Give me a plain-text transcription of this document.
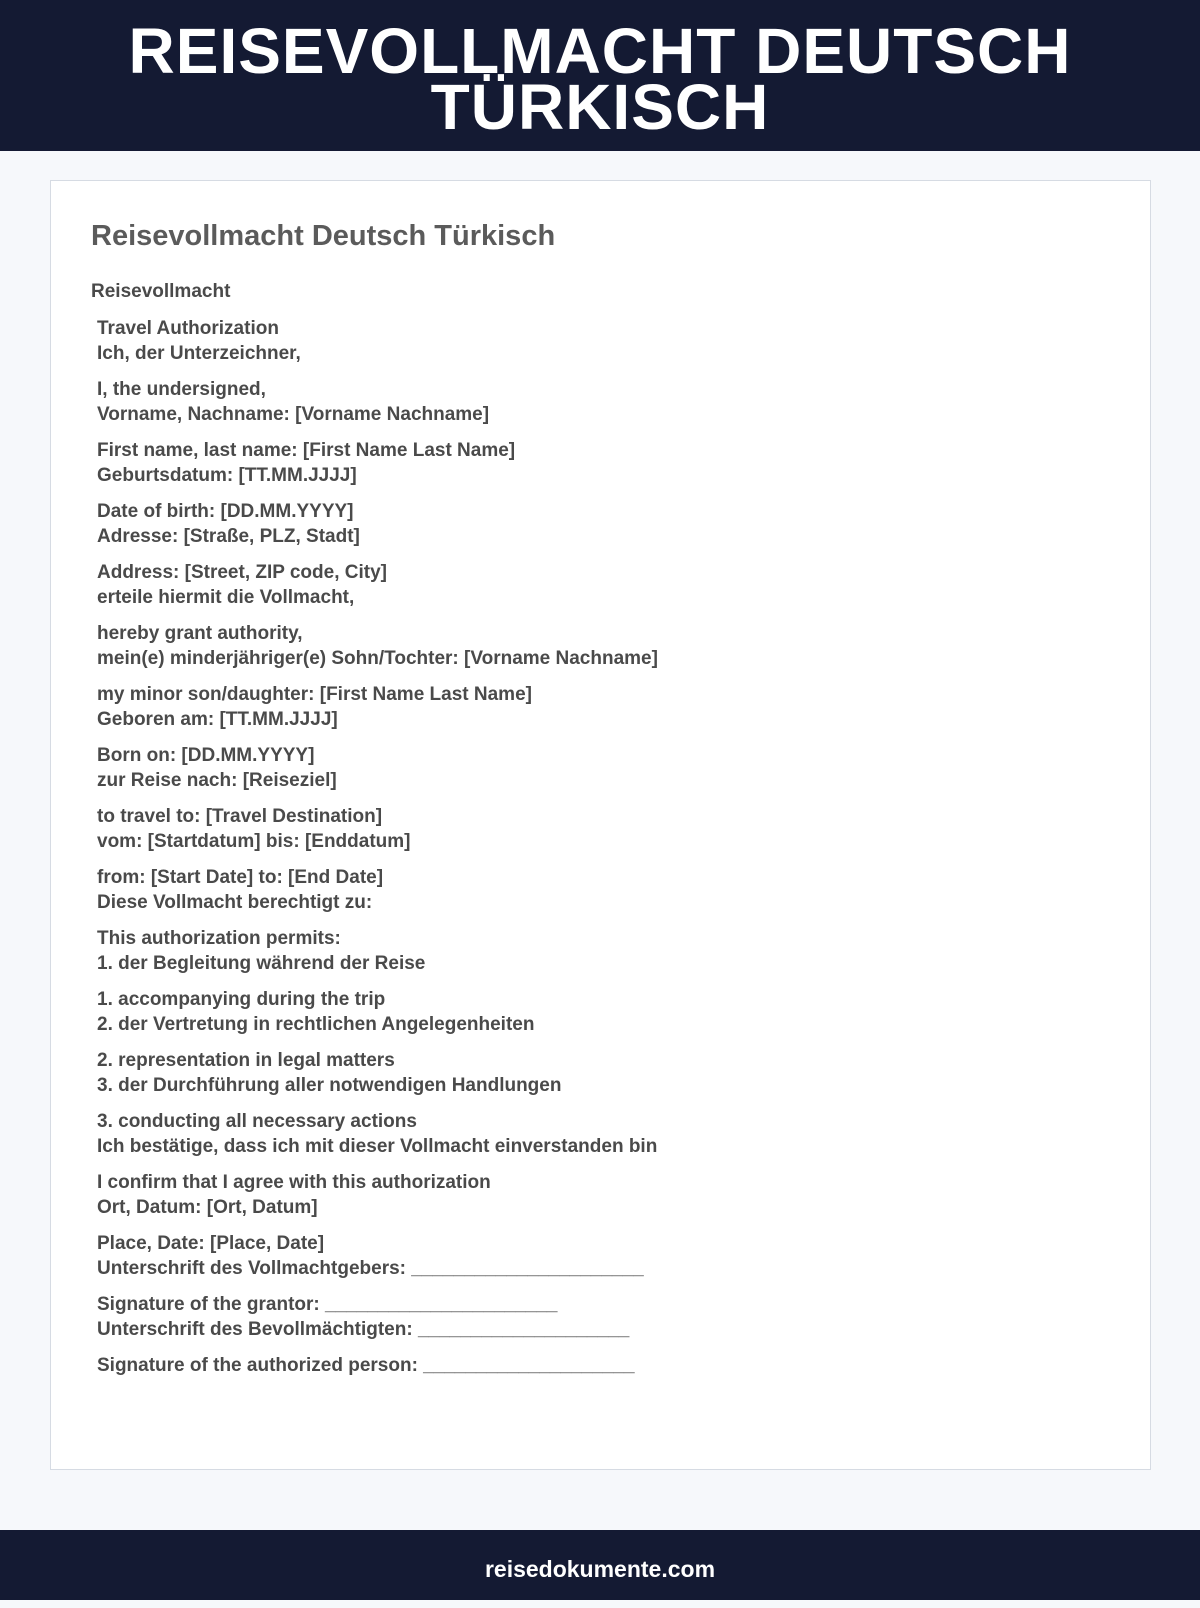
REISEVOLLMACHT DEUTSCH TÜRKISCH
Reisevollmacht Deutsch Türkisch
Reisevollmacht

Travel Authorization
Ich, der Unterzeichner,

I, the undersigned,
Vorname, Nachname: [Vorname Nachname]

First name, last name: [First Name Last Name]
Geburtsdatum: [TT.MM.JJJJ]

Date of birth: [DD.MM.YYYY]
Adresse: [Straße, PLZ, Stadt]

Address: [Street, ZIP code, City]
erteile hiermit die Vollmacht,

hereby grant authority,
mein(e) minderjähriger(e) Sohn/Tochter: [Vorname Nachname]

my minor son/daughter: [First Name Last Name]
Geboren am: [TT.MM.JJJJ]

Born on: [DD.MM.YYYY]
zur Reise nach: [Reiseziel]

to travel to: [Travel Destination]
vom: [Startdatum] bis: [Enddatum]

from: [Start Date] to: [End Date]
Diese Vollmacht berechtigt zu:

This authorization permits:
1. der Begleitung während der Reise

1. accompanying during the trip
2. der Vertretung in rechtlichen Angelegenheiten

2. representation in legal matters
3. der Durchführung aller notwendigen Handlungen

3. conducting all necessary actions
Ich bestätige, dass ich mit dieser Vollmacht einverstanden bin

I confirm that I agree with this authorization
Ort, Datum: [Ort, Datum]

Place, Date: [Place, Date]
Unterschrift des Vollmachtgebers: ______________________

Signature of the grantor: ______________________
Unterschrift des Bevollmächtigten: ____________________

Signature of the authorized person: ____________________

reisedokumente.com
